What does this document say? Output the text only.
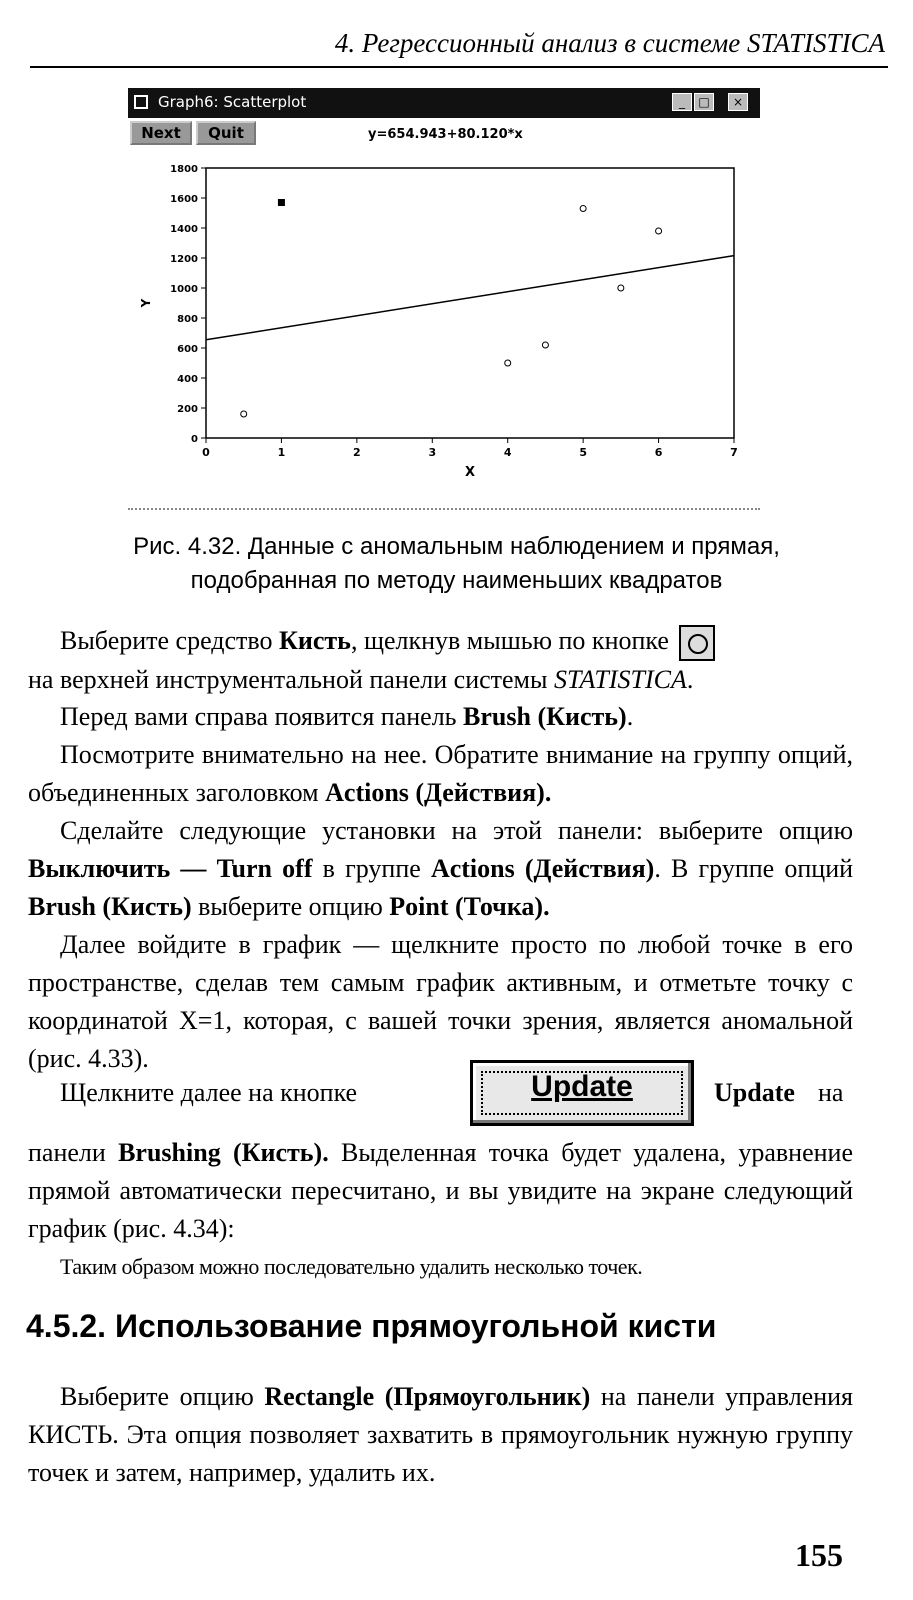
4. Регрессионный анализ в системе STATISTICA
Graph6: Scatterplot	_	□	×
Next	Quit	y=654.943+80.120*x
0	1	2	3	4	5	6	7
0
200
400
600
800
1000
1200
1400
1600
1800
X
Y
Рис. 4.32. Данные с аномальным наблюдением и прямая,
подобранная по методу наименьших квадратов
Выберите средство Кисть, щелкнув мышью по кнопке
на верхней инструментальной панели системы STATISTICA.
Перед вами справа появится панель Brush (Кисть).
Посмотрите внимательно на нее. Обратите внимание на группу опций, объединенных заголовком Actions (Действия).
Сделайте следующие установки на этой панели: выберите опцию Выключить — Turn off в группе Actions (Действия). В группе опций Brush (Кисть) выберите опцию Point (Точка).
Далее войдите в график — щелкните просто по любой точке в его пространстве, сделав тем самым график активным, и отметьте точку с координатой X=1, которая, с вашей точки зрения, является аномальной (рис. 4.33).
Щелкните далее на кнопке	Update	Update на
панели Brushing (Кисть). Выделенная точка будет удалена, уравнение прямой автоматически пересчитано, и вы увидите на экране следующий график (рис. 4.34):
Таким образом можно последовательно удалить несколько точек.
4.5.2. Использование прямоугольной кисти
Выберите опцию Rectangle (Прямоугольник) на панели управления КИСТЬ. Эта опция позволяет захватить в прямоугольник нужную группу точек и затем, например, удалить их.
155
